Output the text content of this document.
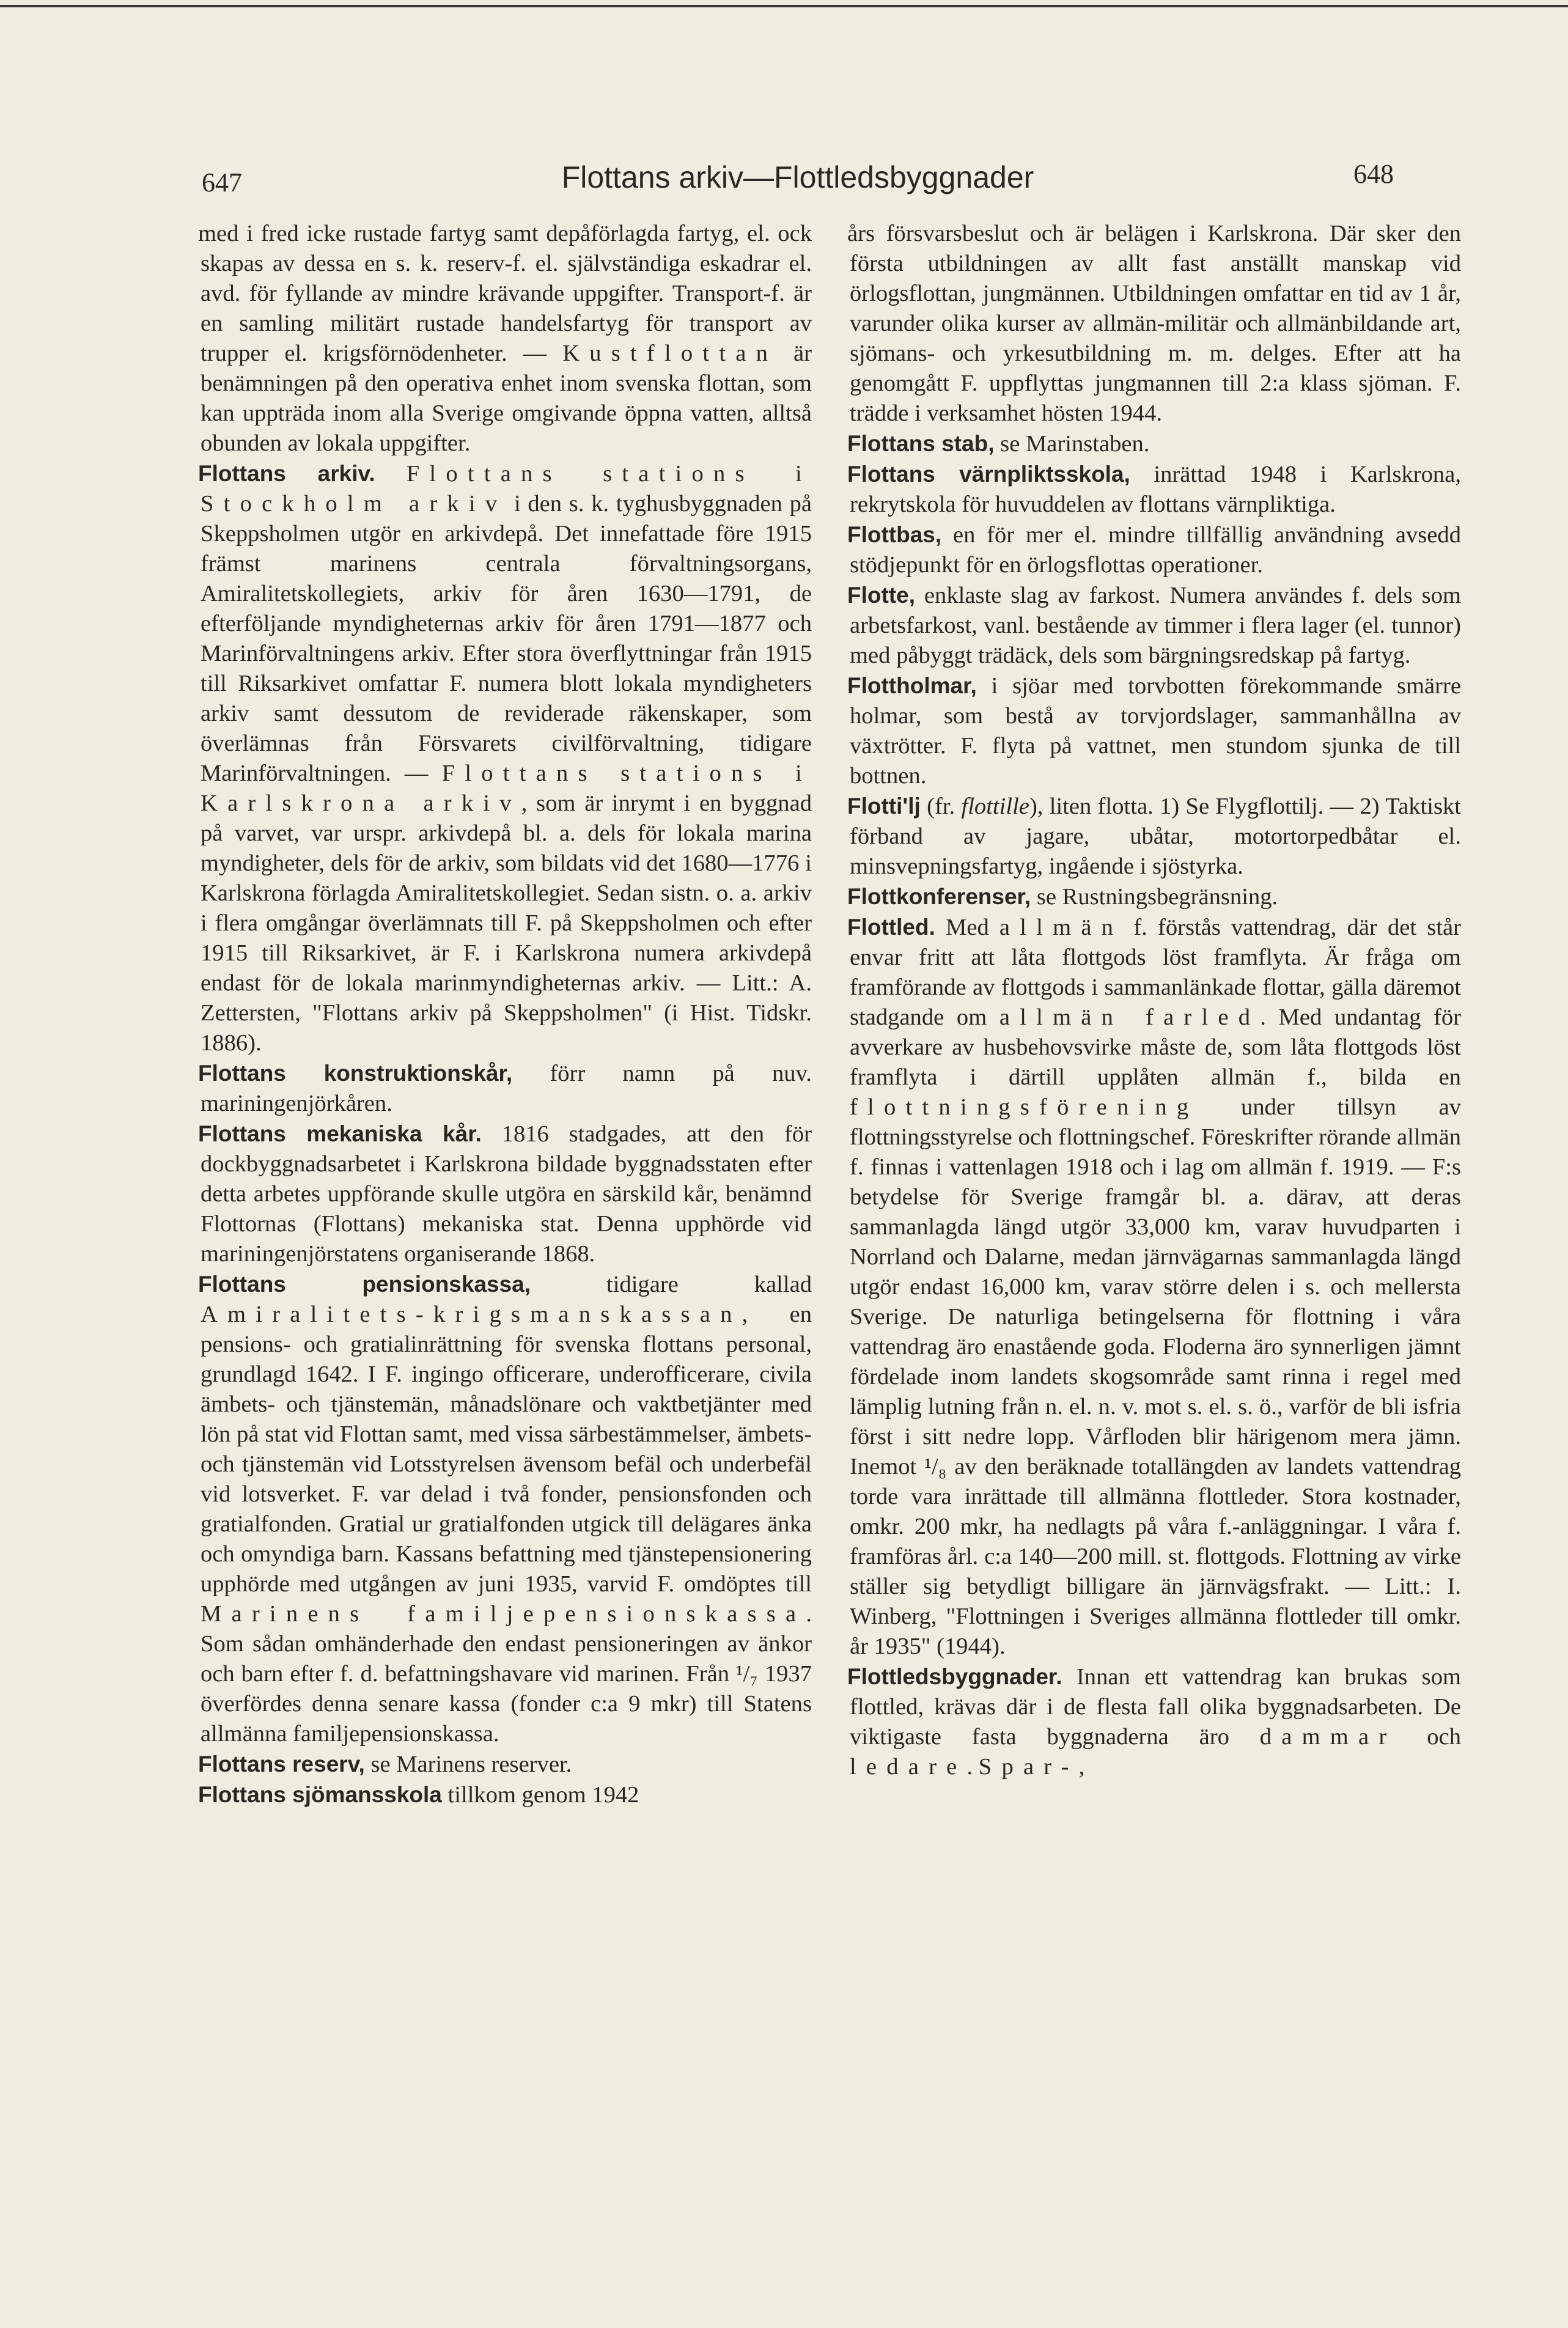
647	Flottans arkiv—Flottledsbyggnader	648

med i fred icke rustade fartyg samt depåförlagda fartyg, el. ock skapas av dessa en s. k. reserv-f. el. självständiga eskadrar el. avd. för fyllande av mindre krävande uppgifter. Transport-f. är en samling militärt rustade handelsfartyg för transport av trupper el. krigsförnödenheter. — Kustflottan är benämningen på den operativa enhet inom svenska flottan, som kan uppträda inom alla Sverige omgivande öppna vatten, alltså obunden av lokala uppgifter.

Flottans arkiv. Flottans stations i Stockholm arkiv i den s. k. tyghusbyggnaden på Skeppsholmen utgör en arkivdepå. Det innefattade före 1915 främst marinens centrala förvaltningsorgans, Amiralitetskollegiets, arkiv för åren 1630—1791, de efterföljande myndigheternas arkiv för åren 1791—1877 och Marinförvaltningens arkiv. Efter stora överflyttningar från 1915 till Riksarkivet omfattar F. numera blott lokala myndigheters arkiv samt dessutom de reviderade räkenskaper, som överlämnas från Försvarets civilförvaltning, tidigare Marinförvaltningen. — Flottans stations i Karlskrona arkiv, som är inrymt i en byggnad på varvet, var urspr. arkivdepå bl. a. dels för lokala marina myndigheter, dels för de arkiv, som bildats vid det 1680—1776 i Karlskrona förlagda Amiralitetskollegiet. Sedan sistn. o. a. arkiv i flera omgångar överlämnats till F. på Skeppsholmen och efter 1915 till Riksarkivet, är F. i Karlskrona numera arkivdepå endast för de lokala marinmyndigheternas arkiv. — Litt.: A. Zettersten, "Flottans arkiv på Skeppsholmen" (i Hist. Tidskr. 1886).

Flottans konstruktionskår, förr namn på nuv. mariningenjörkåren.

Flottans mekaniska kår. 1816 stadgades, att den för dockbyggnadsarbetet i Karlskrona bildade byggnadsstaten efter detta arbetes uppförande skulle utgöra en särskild kår, benämnd Flottornas (Flottans) mekaniska stat. Denna upphörde vid mariningenjörstatens organiserande 1868.

Flottans pensionskassa, tidigare kallad Amiralitets-krigsmanskassan, en pensions- och gratialinrättning för svenska flottans personal, grundlagd 1642. I F. ingingo officerare, underofficerare, civila ämbets- och tjänstemän, månadslönare och vaktbetjänter med lön på stat vid Flottan samt, med vissa särbestämmelser, ämbets- och tjänstemän vid Lotsstyrelsen ävensom befäl och underbefäl vid lotsverket. F. var delad i två fonder, pensionsfonden och gratialfonden. Gratial ur gratialfonden utgick till delägares änka och omyndiga barn. Kassans befattning med tjänstepensionering upphörde med utgången av juni 1935, varvid F. omdöptes till Marinens familjepensionskassa. Som sådan omhänderhade den endast pensioneringen av änkor och barn efter f. d. befattningshavare vid marinen. Från ¹/₇ 1937 överfördes denna senare kassa (fonder c:a 9 mkr) till Statens allmänna familjepensionskassa.

Flottans reserv, se Marinens reserver.

Flottans sjömansskola tillkom genom 1942

års försvarsbeslut och är belägen i Karlskrona. Där sker den första utbildningen av allt fast anställt manskap vid örlogsflottan, jungmännen. Utbildningen omfattar en tid av 1 år, varunder olika kurser av allmän-militär och allmänbildande art, sjömans- och yrkesutbildning m. m. delges. Efter att ha genomgått F. uppflyttas jungmannen till 2:a klass sjöman. F. trädde i verksamhet hösten 1944.

Flottans stab, se Marinstaben.

Flottans värnpliktsskola, inrättad 1948 i Karlskrona, rekrytskola för huvuddelen av flottans värnpliktiga.

Flottbas, en för mer el. mindre tillfällig användning avsedd stödjepunkt för en örlogsflottas operationer.

Flotte, enklaste slag av farkost. Numera användes f. dels som arbetsfarkost, vanl. bestående av timmer i flera lager (el. tunnor) med påbyggt trädäck, dels som bärgningsredskap på fartyg.

Flottholmar, i sjöar med torvbotten förekommande smärre holmar, som bestå av torvjordslager, sammanhållna av växtrötter. F. flyta på vattnet, men stundom sjunka de till bottnen.

Flotti'lj (fr. flottille), liten flotta. 1) Se Flygflottilj. — 2) Taktiskt förband av jagare, ubåtar, motortorpedbåtar el. minsvepningsfartyg, ingående i sjöstyrka.

Flottkonferenser, se Rustningsbegränsning.

Flottled. Med allmän f. förstås vattendrag, där det står envar fritt att låta flottgods löst framflyta. Är fråga om framförande av flottgods i sammanlänkade flottar, gälla däremot stadgande om allmän farled. Med undantag för avverkare av husbehovsvirke måste de, som låta flottgods löst framflyta i därtill upplåten allmän f., bilda en flottningsförening under tillsyn av flottningsstyrelse och flottningschef. Föreskrifter rörande allmän f. finnas i vattenlagen 1918 och i lag om allmän f. 1919. — F:s betydelse för Sverige framgår bl. a. därav, att deras sammanlagda längd utgör 33,000 km, varav huvudparten i Norrland och Dalarne, medan järnvägarnas sammanlagda längd utgör endast 16,000 km, varav större delen i s. och mellersta Sverige. De naturliga betingelserna för flottning i våra vattendrag äro enastående goda. Floderna äro synnerligen jämnt fördelade inom landets skogsområde samt rinna i regel med lämplig lutning från n. el. n. v. mot s. el. s. ö., varför de bli isfria först i sitt nedre lopp. Vårfloden blir härigenom mera jämn. Inemot ¹/₈ av den beräknade totallängden av landets vattendrag torde vara inrättade till allmänna flottleder. Stora kostnader, omkr. 200 mkr, ha nedlagts på våra f.-anläggningar. I våra f. framföras årl. c:a 140—200 mill. st. flottgods. Flottning av virke ställer sig betydligt billigare än järnvägsfrakt. — Litt.: I. Winberg, "Flottningen i Sveriges allmänna flottleder till omkr. år 1935" (1944).

Flottledsbyggnader. Innan ett vattendrag kan brukas som flottled, krävas där i de flesta fall olika byggnadsarbeten. De viktigaste fasta byggnaderna äro dammar och ledare. Spar-,
